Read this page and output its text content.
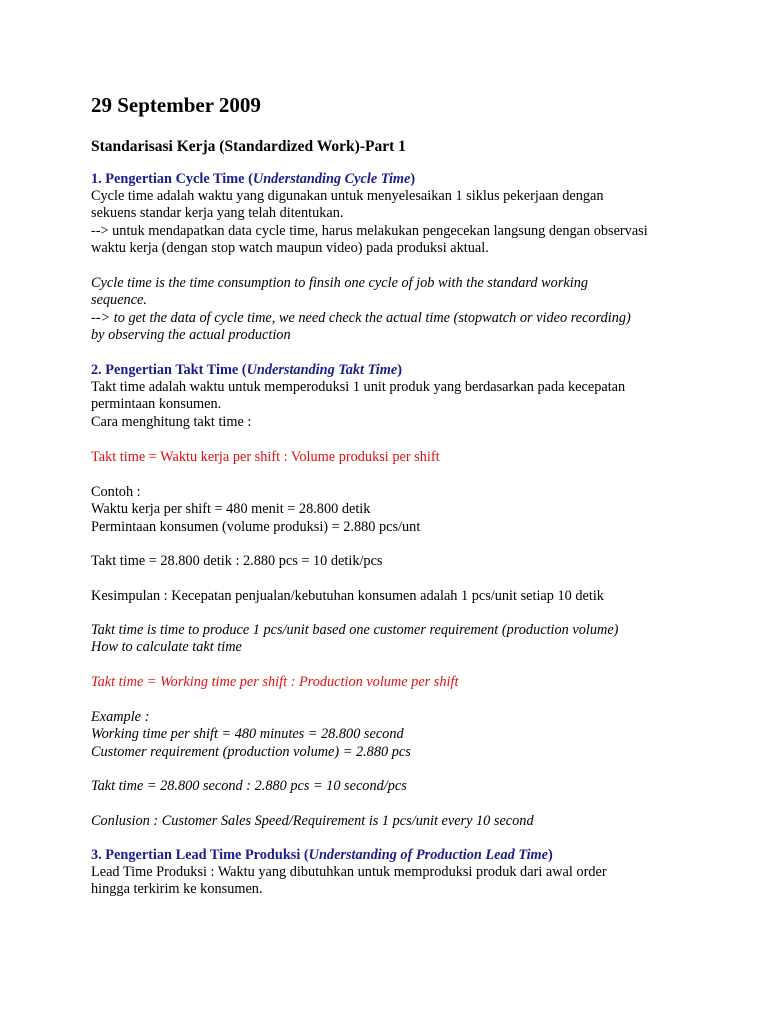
29 September 2009
Standarisasi Kerja (Standardized Work)-Part 1
1. Pengertian Cycle Time (Understanding Cycle Time)
Cycle time adalah waktu yang digunakan untuk menyelesaikan 1 siklus pekerjaan dengan
sekuens standar kerja yang telah ditentukan.
--> untuk mendapatkan data cycle time, harus melakukan pengecekan langsung dengan observasi
waktu kerja (dengan stop watch maupun video) pada produksi aktual.
Cycle time is the time consumption to finsih one cycle of job with the standard working
sequence.
--> to get the data of cycle time, we need check the actual time (stopwatch or video recording)
by observing the actual production
2. Pengertian Takt Time (Understanding Takt Time)
Takt time adalah waktu untuk memperoduksi 1 unit produk yang berdasarkan pada kecepatan
permintaan konsumen.
Cara menghitung takt time :
Takt time = Waktu kerja per shift : Volume produksi per shift
Contoh :
Waktu kerja per shift = 480 menit = 28.800 detik
Permintaan konsumen (volume produksi) = 2.880 pcs/unt
Takt time = 28.800 detik : 2.880 pcs = 10 detik/pcs
Kesimpulan : Kecepatan penjualan/kebutuhan konsumen adalah 1 pcs/unit setiap 10 detik
Takt time is time to produce 1 pcs/unit based one customer requirement (production volume)
How to calculate takt time
Takt time = Working time per shift : Production volume per shift
Example :
Working time per shift = 480 minutes = 28.800 second
Customer requirement (production volume) = 2.880 pcs
Takt time = 28.800 second : 2.880 pcs = 10 second/pcs
Conlusion : Customer Sales Speed/Requirement is 1 pcs/unit every 10 second
3. Pengertian Lead Time Produksi (Understanding of Production Lead Time)
Lead Time Produksi : Waktu yang dibutuhkan untuk memproduksi produk dari awal order
hingga terkirim ke konsumen.
